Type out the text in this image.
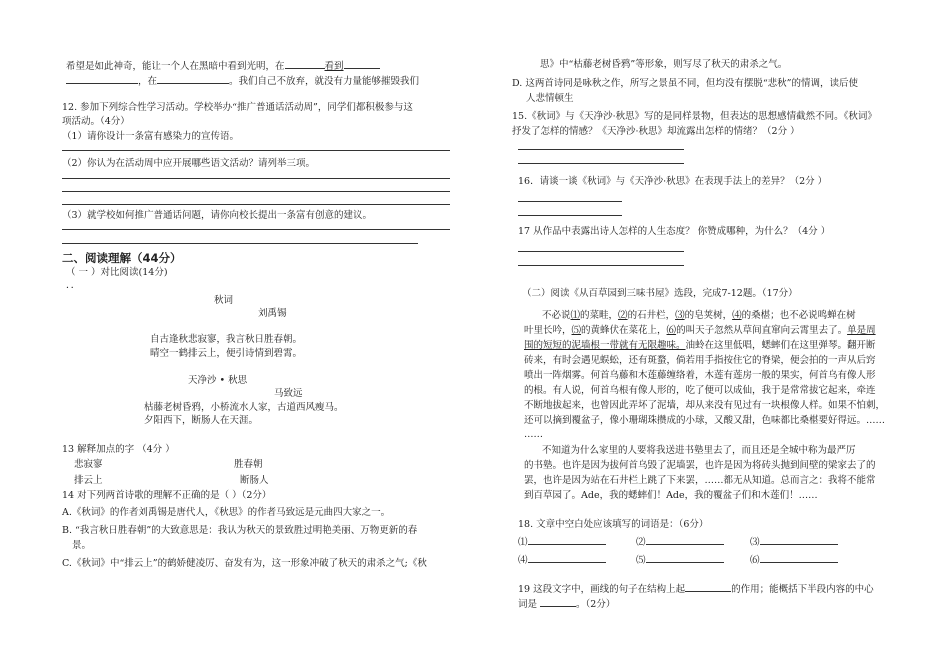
希望是如此神奇，能让一个人在黑暗中看到光明，在	看到
，在	。我们自己不放弃，就没有力量能够摧毁我们
12. 参加下列综合性学习活动。学校举办“推广普通话活动周”，同学们都积极参与这
项活动。（4分）
（1）请你设计一条富有感染力的宣传语。
（2）你认为在活动周中应开展哪些语文活动？请列举三项。
（3）就学校如何推广普通话问题，请你向校长提出一条富有创意的建议。
二、阅读理解（44分）
（ 一 ）对比阅读(14分)
．．
秋词
刘禹锡
自古逢秋悲寂寥，我言秋日胜春朝。
晴空一鹤排云上，便引诗情到碧霄。
天净沙 • 秋思
马致远
枯藤老树昏鸦，小桥流水人家，古道西风瘦马。
夕阳西下，断肠人在天涯。
13 解释加点的字 （4分 ）
悲寂寥	胜春朝
排云上	断肠人
14 对下列两首诗歌的理解不正确的是（ ）（2分）
A.《秋词》的作者刘禹锡是唐代人，《秋思》的作者马致远是元曲四大家之一。
B. “我言秋日胜春朝”的大致意思是：我认为秋天的景致胜过明艳美丽、万物更新的春
景。
C.《秋词》中“排云上”的鹤娇健凌厉、奋发有为，这一形象冲破了秋天的肃杀之气;《秋
思》中“枯藤老树昏鸦”等形象，则写尽了秋天的肃杀之气。
D. 这两首诗同是咏秋之作，所写之景虽不同，但均没有摆脱“悲秋”的情调，读后使
人悲情顿生
15.《秋词》与《天净沙·秋思》写的是同样景物，但表达的思想感情截然不同。《秋词》
抒发了怎样的情感？《天净沙·秋思》却流露出怎样的情绪？（2分 ）
16．请谈一谈《秋词》与《天净沙·秋思》在表现手法上的差异？（2分 ）
17 从作品中表露出诗人怎样的人生态度？ 你赞成哪种，为什么？（4分 ）
（二）阅读《从百草园到三味书屋》选段，完成7-12题。（17分）
不必说⑴的菜畦，⑵的石井栏，⑶的皂荚树，⑷的桑椹；也不必说鸣蝉在树
叶里长吟，⑸的黄蜂伏在菜花上，⑹的叫天子忽然从草间直窜向云霄里去了。单是周
围的短短的泥墙根一带就有无限趣味。油蛉在这里低唱，蟋蟀们在这里弹琴。翻开断
砖来，有时会遇见蜈蚣，还有斑蝥，倘若用手指按住它的脊梁，便会拍的一声从后窍
喷出一阵烟雾。何首乌藤和木莲藤缠络着，木莲有莲房一般的果实，何首乌有像人形
的根。有人说，何首乌根有像人形的，吃了便可以成仙，我于是常常拔它起来，牵连
不断地拔起来，也曾因此弄坏了泥墙，却从来没有见过有一块根像人样。如果不怕刺，
还可以摘到覆盆子，像小珊瑚珠攒成的小球，又酸又甜，色味都比桑椹要好得远。……
……
不知道为什么家里的人要将我送进书塾里去了，而且还是全城中称为最严厉
的书塾。也许是因为拔何首乌毁了泥墙罢，也许是因为将砖头抛到间壁的梁家去了的
罢，也许是因为站在石井栏上跳了下来罢，……都无从知道。总而言之：我将不能常
到百草园了。Ade，我的蟋蟀们！Ade，我的覆盆子们和木莲们！……
18. 文章中空白处应该填写的词语是：（6分）
⑴	⑵	⑶
⑷	⑸	⑹
19 这段文字中，画线的句子在结构上起	的作用；能概括下半段内容的中心
词是	。（2分）
